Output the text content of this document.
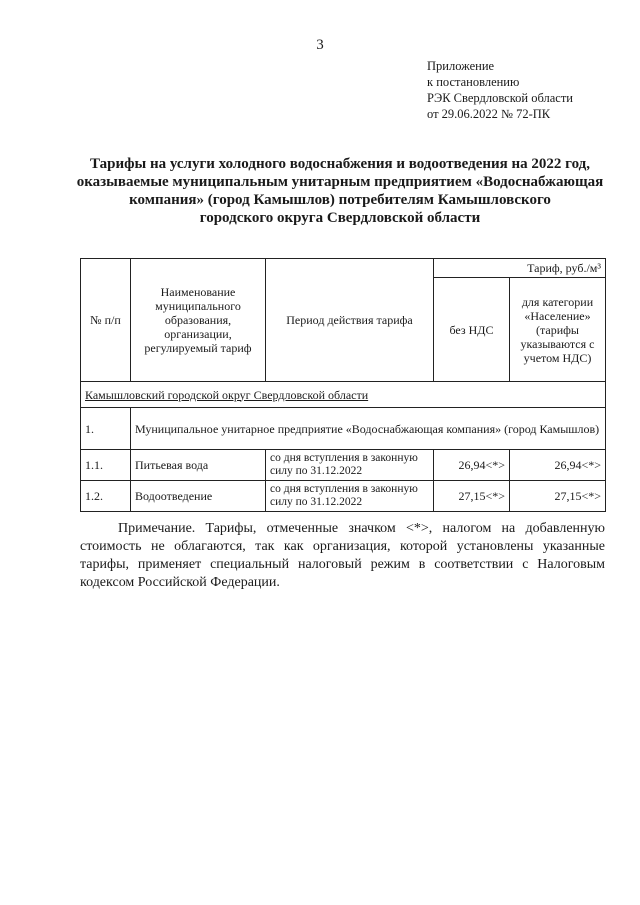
3
Приложение
к постановлению
РЭК Свердловской области
от 29.06.2022 № 72-ПК
Тарифы на услуги холодного водоснабжения и водоотведения на 2022 год,
оказываемые муниципальным унитарным предприятием «Водоснабжающая
компания» (город Камышлов) потребителям Камышловского
городского округа Свердловской области
№ п/п	Наименование муниципального образования, организации, регулируемый тариф	Период действия тарифа	Тариф, руб./м³	
			без НДС	для категории «Население» (тарифы указываются с учетом НДС)
Камышловский городской округ Свердловской области				
1.	Муниципальное унитарное предприятие «Водоснабжающая компания» (город Камышлов)			
1.1.	Питьевая вода	со дня вступления в законную силу по 31.12.2022	26,94<*>	26,94<*>
1.2.	Водоотведение	со дня вступления в законную силу по 31.12.2022	27,15<*>	27,15<*>
Примечание. Тарифы, отмеченные значком <*>, налогом на добавленную стоимость не облагаются, так как организация, которой установлены указанные тарифы, применяет специальный налоговый режим в соответствии с Налоговым кодексом Российской Федерации.
